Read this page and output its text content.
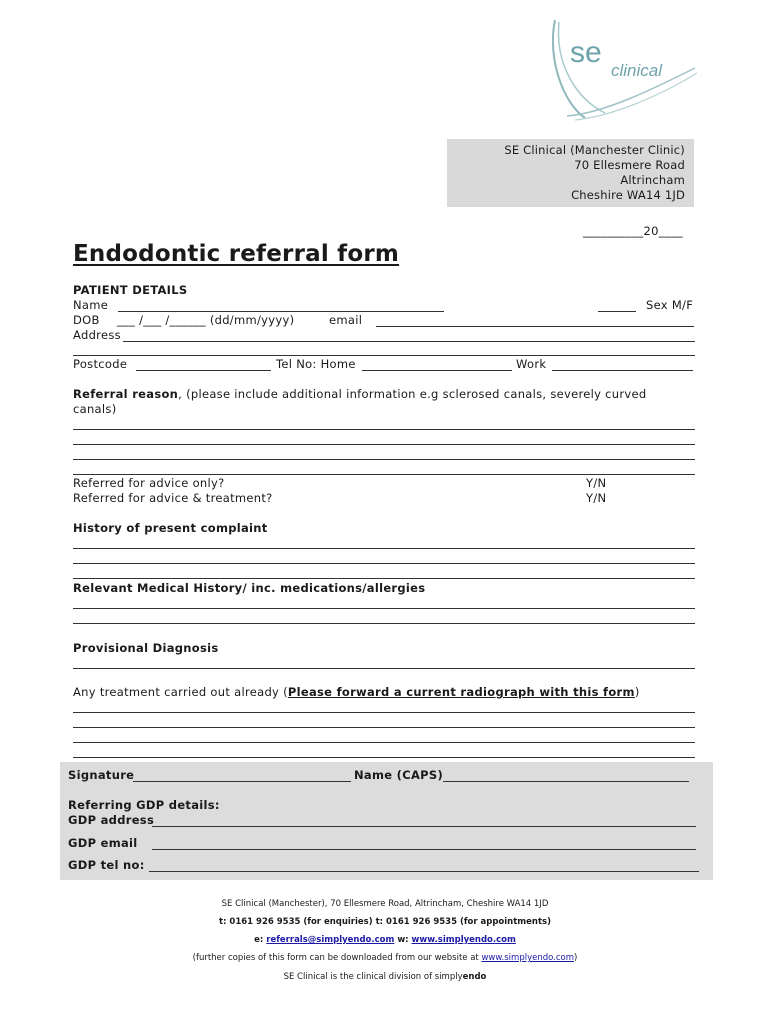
se
clinical
SE Clinical (Manchester Clinic)
70 Ellesmere Road
Altrincham
Cheshire WA14 1JD
__________20____
Endodontic referral form
PATIENT DETAILS
Name	Sex M/F
DOB ___ /___ /______ (dd/mm/yyyy)	email
Address
Postcode	Tel No: Home	Work
Referral reason, (please include additional information e.g sclerosed canals, severely curved
canals)
Referred for advice only?	Y/N
Referred for advice & treatment?	Y/N
History of present complaint
Relevant Medical History/ inc. medications/allergies
Provisional Diagnosis
Any treatment carried out already (Please forward a current radiograph with this form)
Signature	Name (CAPS)
Referring GDP details:
GDP address
GDP email
GDP tel no:
SE Clinical (Manchester), 70 Ellesmere Road, Altrincham, Cheshire WA14 1JD
t: 0161 926 9535 (for enquiries) t: 0161 926 9535 (for appointments)
e: referrals@simplyendo.com w: www.simplyendo.com
(further copies of this form can be downloaded from our website at www.simplyendo.com)
SE Clinical is the clinical division of simplyendo
